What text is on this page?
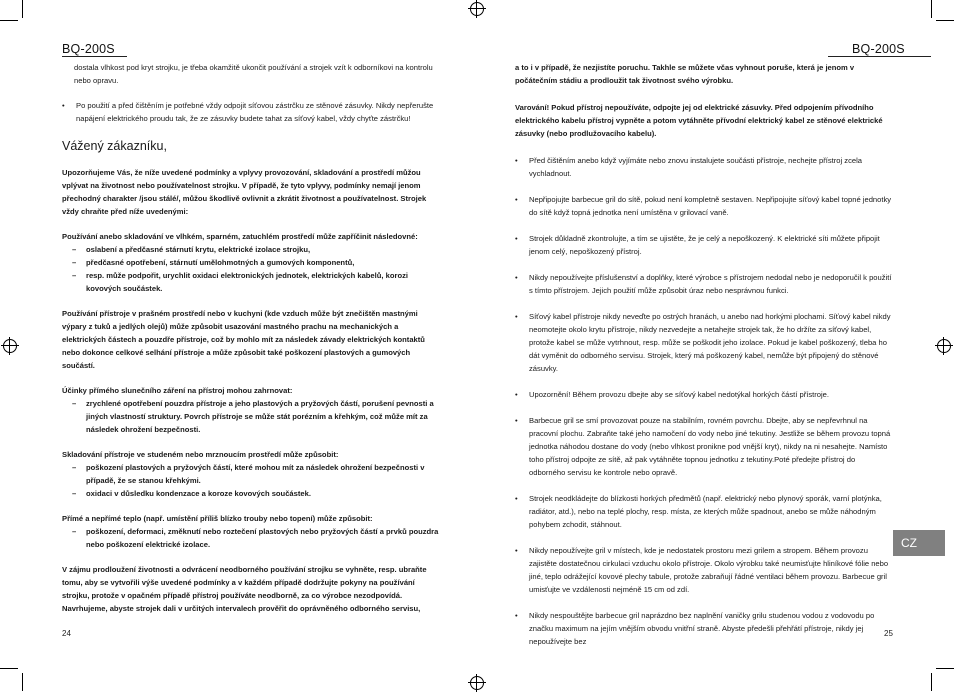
BQ-200S

dostala vlhkost pod kryt strojku, je třeba okamžitě ukončit používání a strojek vzít k odborníkovi na kontrolu nebo opravu.

• Po použití a před čištěním je potřebné vždy odpojit síťovou zástrčku ze stěnové zásuvky. Nikdy nepřerušte napájení elektrického proudu tak, že ze zásuvky budete tahat za síťový kabel, vždy chyťte zástrčku!
Vážený zákazníku,

Upozorňujeme Vás, že níže uvedené podmínky a vplyvy provozování, skladování a prostředí můžou vplývat na životnost nebo používatelnost strojku. V případě, že tyto vplyvy, podmínky nemají jenom přechodný charakter /jsou stálé/, můžou škodlivě ovlivnit a zkrátit životnost a používatelnost. Strojek vždy chraňte před níže uvedenými:

Používání anebo skladování ve vlhkém, sparném, zatuchlém prostředí může zapříčinit následovné:
– oslabení a předčasné stárnutí krytu, elektrické izolace strojku,
– předčasné opotřebení, stárnutí umělohmotných a gumových komponentů,
– resp. může podpořit, urychlit oxidaci elektronických jednotek, elektrických kabelů, korozi kovových součástek.

Používání přístroje v prašném prostředí nebo v kuchyni (kde vzduch může být znečištěn mastnými výpary z tuků a jedlých olejů) může způsobit usazování mastného prachu na mechanických a elektrických částech a pouzdře přístroje, což by mohlo mít za následek závady elektrických kontaktů nebo dokonce celkové selhání přístroje a může způsobit také poškození plastových a gumových součástí.

Účinky přímého slunečního záření na přístroj mohou zahrnovat:
– zrychlené opotřebení pouzdra přístroje a jeho plastových a pryžových částí, porušení pevnosti a jiných vlastností struktury. Povrch přístroje se může stát porézním a křehkým, což může mít za následek ohrožení bezpečnosti.
Skladování přístroje ve studeném nebo mrznoucím prostředí může způsobit:
– poškození plastových a pryžových částí, které mohou mít za následek ohrožení bezpečnosti v případě, že se stanou křehkými.
– oxidaci v důsledku kondenzace a koroze kovových součástek.
Přímé a nepřímé teplo (např. umístění příliš blízko trouby nebo topení) může způsobit:
– poškození, deformaci, změknutí nebo roztečení plastových nebo pryžových částí a prvků pouzdra nebo poškození elektrické izolace.

V zájmu prodloužení životnosti a odvrácení neodborného používání strojku se vyhněte, resp. ubraňte tomu, aby se vytvořili výše uvedené podmínky a v každém případě dodržujte pokyny na používání strojku, protože v opačném případě přístroj používáte neodborně, za co výrobce nezodpovídá. Navrhujeme, abyste strojek dali v určitých intervalech prověřit do oprávněného odborného servisu,

24
BQ-200S

a to i v případě, že nezjistíte poruchu. Takhle se můžete včas vyhnout poruše, která je jenom v počátečním stádiu a prodloužit tak životnost svého výrobku.

Varování! Pokud přístroj nepoužíváte, odpojte jej od elektrické zásuvky. Před odpojením přívodního elektrického kabelu přístroj vypněte a potom vytáhněte přívodní elektrický kabel ze stěnové elektrické zásuvky (nebo prodlužovacího kabelu).

• Před čištěním anebo když vyjímáte nebo znovu instalujete součásti přístroje, nechejte přístroj zcela vychladnout.
• Nepřipojujte barbecue gril do sítě, pokud není kompletně sestaven. Nepřipojujte síťový kabel topné jednotky do sítě když topná jednotka není umístěna v grilovací vaně.
• Strojek důkladně zkontrolujte, a tím se ujistěte, že je celý a nepoškozený. K elektrické síti můžete připojit jenom celý, nepoškozený přístroj.
• Nikdy nepoužívejte příslušenství a doplňky, které výrobce s přístrojem nedodal nebo je nedoporučil k použití s tímto přístrojem. Jejich použití může způsobit úraz nebo nesprávnou funkci.
• Síťový kabel přístroje nikdy neveďte po ostrých hranách, u anebo nad horkými plochami. Síťový kabel nikdy neomotejte okolo krytu přístroje, nikdy nezvedejte a netahejte strojek tak, že ho držíte za síťový kabel, protože kabel se může vytrhnout, resp. může se poškodit jeho izolace. Pokud je kabel poškozený, tleba ho dát vyměnit do odborného servisu. Strojek, který má poškozený kabel, nemůže být připojený do stěnové zásuvky.
• Upozornění! Během provozu dbejte aby se síťový kabel nedotýkal horkých částí přístroje.
• Barbecue gril se smí provozovat pouze na stabilním, rovném povrchu. Dbejte, aby se nepřevrhnul na pracovní plochu. Zabraňte také jeho namočení do vody nebo jiné tekutiny. Jestliže se během provozu topná jednotka náhodou dostane do vody (nebo vlhkost pronikne pod vnější kryt), nikdy na ni nesahejte. Namísto toho přístroj odpojte ze sítě, až pak vytáhněte topnou jednotku z tekutiny.Poté předejte přístroj do odborného servisu ke kontrole nebo opravě.
• Strojek neodkládejte do blízkosti horkých předmětů (např. elektrický nebo plynový sporák, varní plotýnka, radiátor, atd.), nebo na teplé plochy, resp. místa, ze kterých může spadnout, anebo se může náhodným pohybem zchodit, stáhnout.
• Nikdy nepoužívejte gril v místech, kde je nedostatek prostoru mezi grilem a stropem. Během provozu zajistěte dostatečnou cirkulaci vzduchu okolo přístroje. Okolo výrobku také neumisťujte hliníkové fólie nebo jiné, teplo odrážející kovové plechy tabule, protože zabraňují řádné ventilaci během provozu. Barbecue gril umisťujte ve vzdálenosti nejméně 15 cm od zdí.
• Nikdy nespouštějte barbecue gril naprázdno bez naplnění vaničky grilu studenou vodou z vodovodu po značku maximum na jejím vnějším obvodu vnitřní straně. Abyste předešli přehřátí přístroje, nikdy jej nepoužívejte bez
25
CZ
